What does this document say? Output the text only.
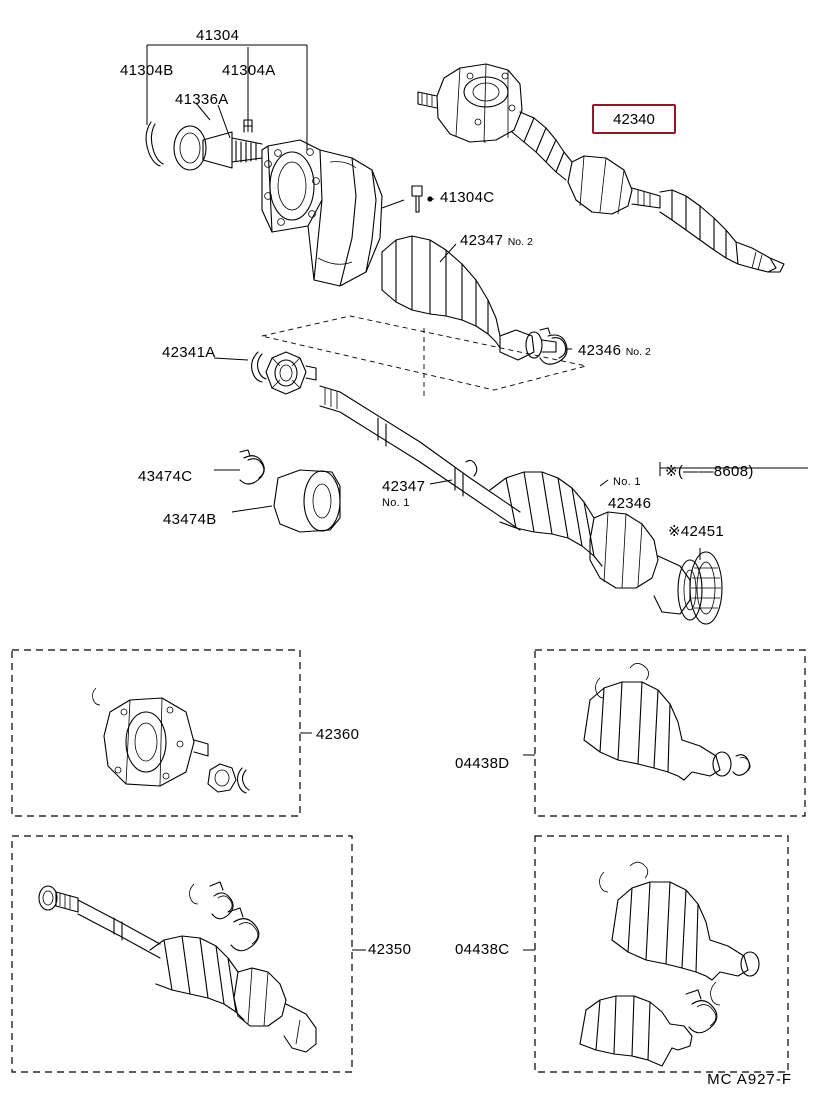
41304
41304B	41304A
41336A
41304C
42347 No. 2
42346 No. 2
42341A
43474C
43474B
42347
No. 1
No. 1
42346
※42451
※(——8608)
42360
04438D
42350	04438C
42340
MC A927-F
